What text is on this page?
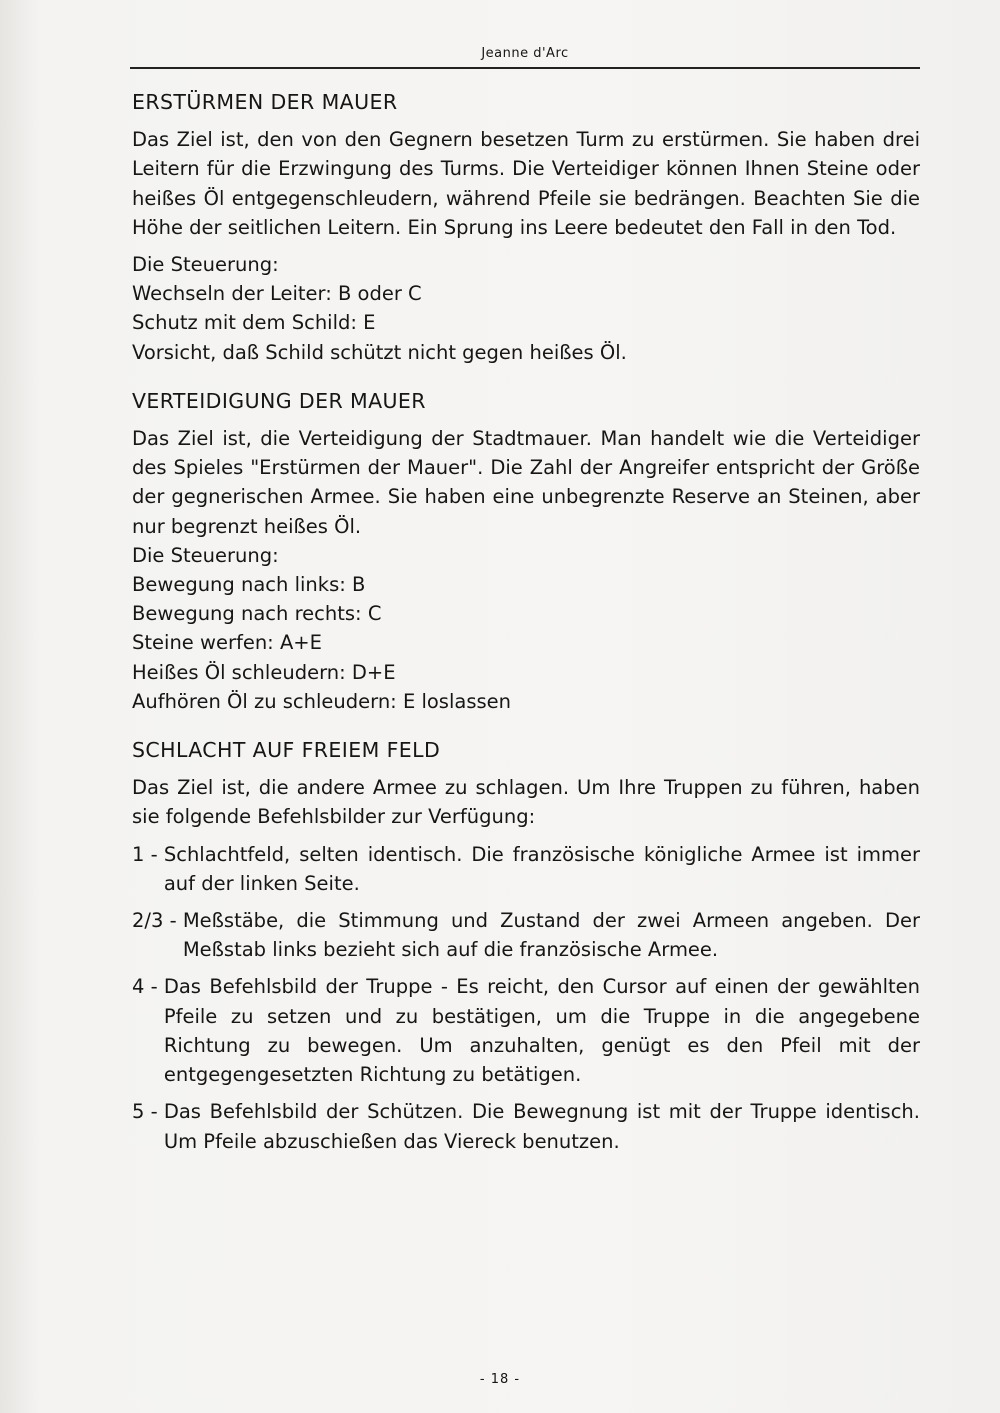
Jeanne d'Arc
ERSTÜRMEN DER MAUER

Das Ziel ist, den von den Gegnern besetzen Turm zu erstürmen. Sie haben drei Leitern für die Erzwingung des Turms. Die Verteidiger können Ihnen Steine oder heißes Öl entgegenschleudern, während Pfeile sie bedrängen. Beachten Sie die Höhe der seitlichen Leitern. Ein Sprung ins Leere bedeutet den Fall in den Tod.

Die Steuerung:
Wechseln der Leiter: B oder C
Schutz mit dem Schild: E
Vorsicht, daß Schild schützt nicht gegen heißes Öl.
VERTEIDIGUNG DER MAUER

Das Ziel ist, die Verteidigung der Stadtmauer. Man handelt wie die Verteidiger des Spieles "Erstürmen der Mauer". Die Zahl der Angreifer entspricht der Größe der gegnerischen Armee. Sie haben eine unbegrenzte Reserve an Steinen, aber nur begrenzt heißes Öl.

Die Steuerung:
Bewegung nach links: B
Bewegung nach rechts: C
Steine werfen: A+E
Heißes Öl schleudern: D+E
Aufhören Öl zu schleudern: E loslassen
SCHLACHT AUF FREIEM FELD

Das Ziel ist, die andere Armee zu schlagen. Um Ihre Truppen zu führen, haben sie folgende Befehlsbilder zur Verfügung:

1 - Schlachtfeld, selten identisch. Die französische königliche Armee ist immer auf der linken Seite.
2/3 - Meßstäbe, die Stimmung und Zustand der zwei Armeen angeben. Der Meßstab links bezieht sich auf die französische Armee.
4 - Das Befehlsbild der Truppe - Es reicht, den Cursor auf einen der gewählten Pfeile zu setzen und zu bestätigen, um die Truppe in die angegebene Richtung zu bewegen. Um anzuhalten, genügt es den Pfeil mit der entgegengesetzten Richtung zu betätigen.
5 - Das Befehlsbild der Schützen. Die Bewegnung ist mit der Truppe identisch. Um Pfeile abzuschießen das Viereck benutzen.
- 18 -
